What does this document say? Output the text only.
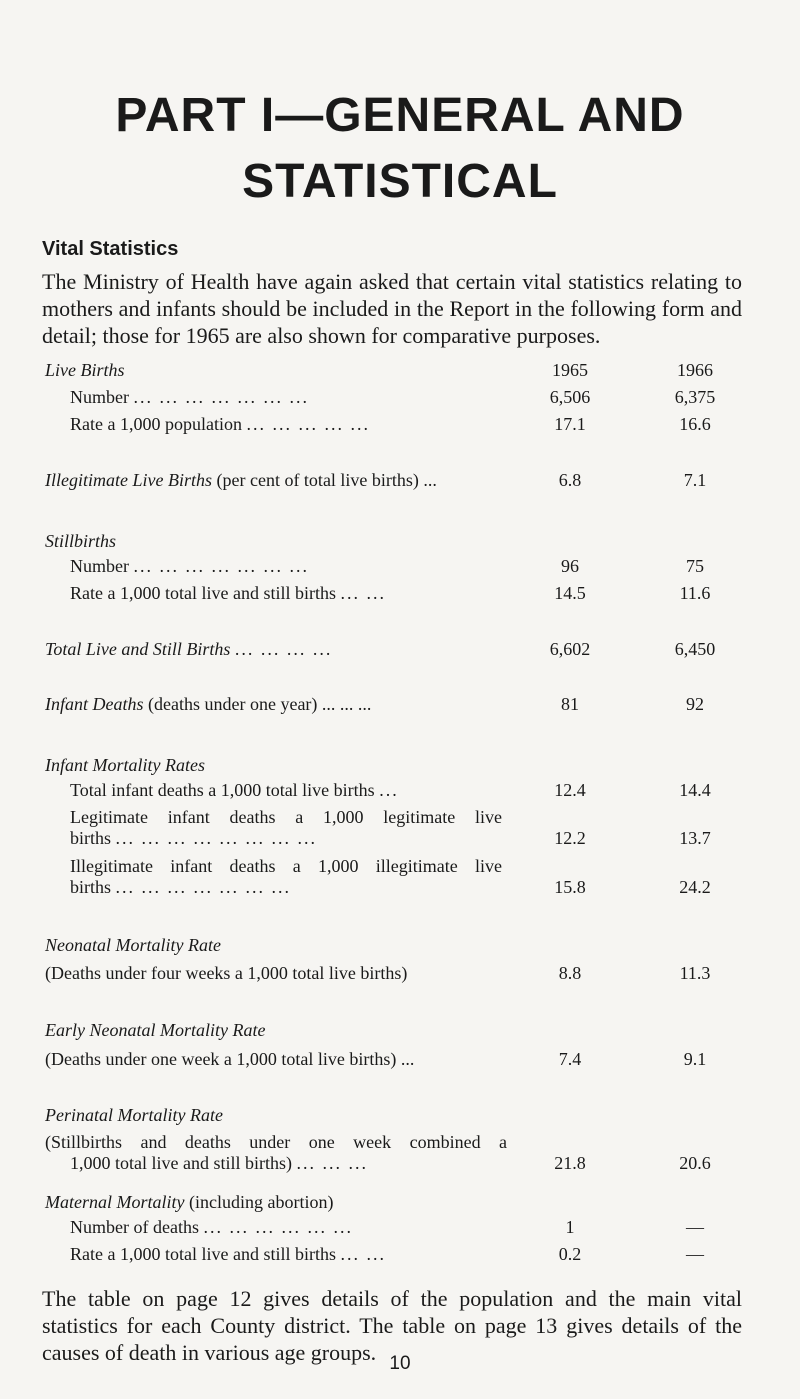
PART I—GENERAL AND
STATISTICAL
Vital Statistics

The Ministry of Health have again asked that certain vital statistics relating to mothers and infants should be included in the Report in the following form and detail; those for 1965 are also shown for comparative purposes.

Live Births	1965	1966
Number ... ... ... ... ... ... ...	6,506	6,375
Rate a 1,000 population ... ... ... ... ...	17.1	16.6
Illegitimate Live Births (per cent of total live births) ...	6.8	7.1
Stillbirths
Number ... ... ... ... ... ... ...	96	75
Rate a 1,000 total live and still births ... ...	14.5	11.6
Total Live and Still Births ... ... ... ...	6,602	6,450
Infant Deaths (deaths under one year) ... ... ...	81	92
Infant Mortality Rates
Total infant deaths a 1,000 total live births ...	12.4	14.4
Legitimate infant deaths a 1,000 legitimate live
births ... ... ... ... ... ... ... ...	12.2	13.7
Illegitimate infant deaths a 1,000 illegitimate live
births ... ... ... ... ... ... ...	15.8	24.2
Neonatal Mortality Rate
(Deaths under four weeks a 1,000 total live births)	8.8	11.3
Early Neonatal Mortality Rate
(Deaths under one week a 1,000 total live births) ...	7.4	9.1
Perinatal Mortality Rate
(Stillbirths and deaths under one week combined a
1,000 total live and still births) ... ... ...	21.8	20.6
Maternal Mortality (including abortion)
Number of deaths ... ... ... ... ... ...	1	—
Rate a 1,000 total live and still births ... ...	0.2	—

The table on page 12 gives details of the population and the main vital statistics for each County district. The table on page 13 gives details of the causes of death in various age groups. 10
